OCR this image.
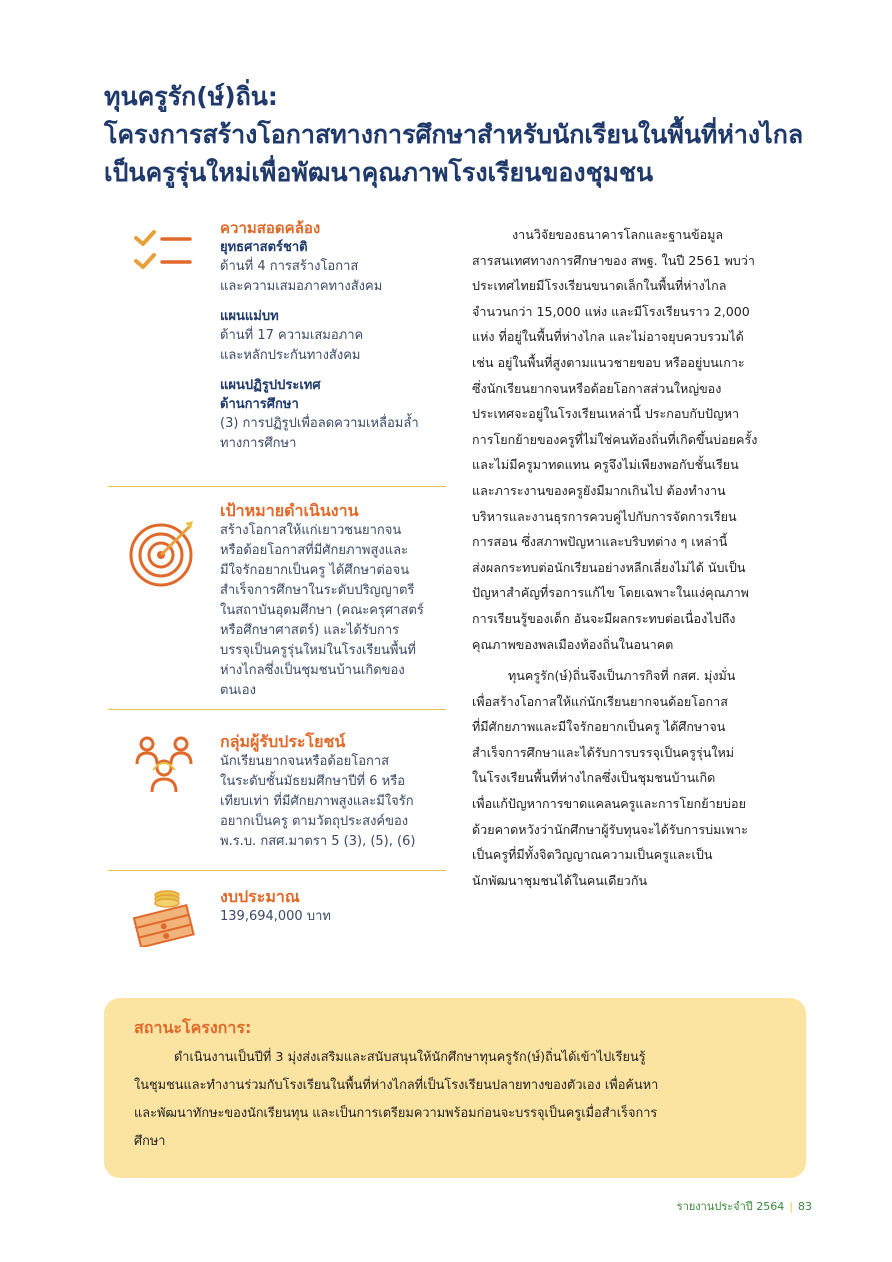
ทุนครูรัก(ษ์)ถิ่น:
โครงการสร้างโอกาสทางการศึกษาสำหรับนักเรียนในพื้นที่ห่างไกล
เป็นครูรุ่นใหม่เพื่อพัฒนาคุณภาพโรงเรียนของชุมชน
ความสอดคล้อง
ยุทธศาสตร์ชาติ
ด้านที่ 4 การสร้างโอกาส
และความเสมอภาคทางสังคม
แผนแม่บท
ด้านที่ 17 ความเสมอภาค
และหลักประกันทางสังคม
แผนปฏิรูปประเทศ
ด้านการศึกษา
(3) การปฏิรูปเพื่อลดความเหลื่อมล้ำ
ทางการศึกษา
เป้าหมายดำเนินงาน
สร้างโอกาสให้แก่เยาวชนยากจน
หรือด้อยโอกาสที่มีศักยภาพสูงและ
มีใจรักอยากเป็นครู ได้ศึกษาต่อจน
สำเร็จการศึกษาในระดับปริญญาตรี
ในสถาบันอุดมศึกษา (คณะครุศาสตร์
หรือศึกษาศาสตร์) และได้รับการ
บรรจุเป็นครูรุ่นใหม่ในโรงเรียนพื้นที่
ห่างไกลซึ่งเป็นชุมชนบ้านเกิดของ
ตนเอง
กลุ่มผู้รับประโยชน์
นักเรียนยากจนหรือด้อยโอกาส
ในระดับชั้นมัธยมศึกษาปีที่ 6 หรือ
เทียบเท่า ที่มีศักยภาพสูงและมีใจรัก
อยากเป็นครู ตามวัตถุประสงค์ของ
พ.ร.บ. กสศ.มาตรา 5 (3), (5), (6)
งบประมาณ
139,694,000 บาท
งานวิจัยของธนาคารโลกและฐานข้อมูล
สารสนเทศทางการศึกษาของ สพฐ. ในปี 2561 พบว่า
ประเทศไทยมีโรงเรียนขนาดเล็กในพื้นที่ห่างไกล
จำนวนกว่า 15,000 แห่ง และมีโรงเรียนราว 2,000
แห่ง ที่อยู่ในพื้นที่ห่างไกล และไม่อาจยุบควบรวมได้
เช่น อยู่ในพื้นที่สูงตามแนวชายขอบ หรืออยู่บนเกาะ
ซึ่งนักเรียนยากจนหรือด้อยโอกาสส่วนใหญ่ของ
ประเทศจะอยู่ในโรงเรียนเหล่านี้ ประกอบกับปัญหา
การโยกย้ายของครูที่ไม่ใช่คนท้องถิ่นที่เกิดขึ้นบ่อยครั้ง
และไม่มีครูมาทดแทน ครูจึงไม่เพียงพอกับชั้นเรียน
และภาระงานของครูยังมีมากเกินไป ต้องทำงาน
บริหารและงานธุรการควบคู่ไปกับการจัดการเรียน
การสอน ซึ่งสภาพปัญหาและบริบทต่าง ๆ เหล่านี้
ส่งผลกระทบต่อนักเรียนอย่างหลีกเลี่ยงไม่ได้ นับเป็น
ปัญหาสำคัญที่รอการแก้ไข โดยเฉพาะในแง่คุณภาพ
การเรียนรู้ของเด็ก อันจะมีผลกระทบต่อเนื่องไปถึง
คุณภาพของพลเมืองท้องถิ่นในอนาคต
ทุนครูรัก(ษ์)ถิ่นจึงเป็นภารกิจที่ กสศ. มุ่งมั่น
เพื่อสร้างโอกาสให้แก่นักเรียนยากจนด้อยโอกาส
ที่มีศักยภาพและมีใจรักอยากเป็นครู ได้ศึกษาจน
สำเร็จการศึกษาและได้รับการบรรจุเป็นครูรุ่นใหม่
ในโรงเรียนพื้นที่ห่างไกลซึ่งเป็นชุมชนบ้านเกิด
เพื่อแก้ปัญหาการขาดแคลนครูและการโยกย้ายบ่อย
ด้วยคาดหวังว่านักศึกษาผู้รับทุนจะได้รับการบ่มเพาะ
เป็นครูที่มีทั้งจิตวิญญาณความเป็นครูและเป็น
นักพัฒนาชุมชนได้ในคนเดียวกัน
สถานะโครงการ:
ดำเนินงานเป็นปีที่ 3 มุ่งส่งเสริมและสนับสนุนให้นักศึกษาทุนครูรัก(ษ์)ถิ่นได้เข้าไปเรียนรู้
ในชุมชนและทำงานร่วมกับโรงเรียนในพื้นที่ห่างไกลที่เป็นโรงเรียนปลายทางของตัวเอง เพื่อค้นหา
และพัฒนาทักษะของนักเรียนทุน และเป็นการเตรียมความพร้อมก่อนจะบรรจุเป็นครูเมื่อสำเร็จการ
ศึกษา
รายงานประจำปี 2564 | 83
